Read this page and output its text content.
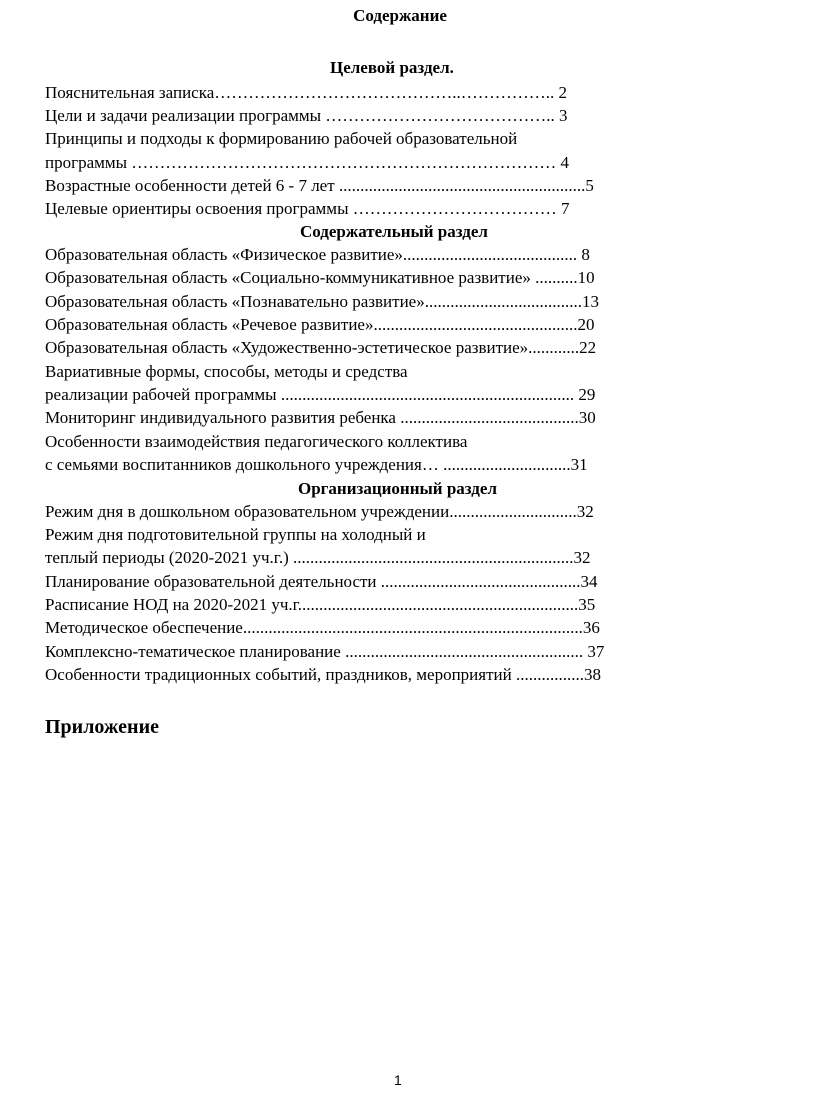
Содержание
Целевой раздел.
Пояснительная записка……………………………………..…………….. 2
Цели и задачи реализации программы ………………………………….. 3
Принципы и подходы к формированию рабочей образовательной
программы ………………………………………………………………… 4
Возрастные особенности детей 6 - 7 лет ..........................................................5
Целевые ориентиры освоения программы ……………………………… 7
Содержательный раздел
Образовательная область «Физическое развитие»......................................... 8
Образовательная область «Социально-коммуникативное развитие» ..........10
Образовательная область «Познавательно развитие».....................................13
Образовательная область «Речевое развитие»................................................20
Образовательная область «Художественно-эстетическое развитие»............22
Вариативные формы, способы, методы и средства
реализации рабочей программы ..................................................................... 29
Мониторинг индивидуального развития ребенка ..........................................30
Особенности взаимодействия педагогического коллектива
с семьями воспитанников дошкольного учреждения… ..............................31
Организационный раздел
Режим дня в дошкольном образовательном учреждении..............................32
Режим дня подготовительной группы на холодный и
теплый периоды (2020-2021 уч.г.) ..................................................................32
Планирование образовательной деятельности ...............................................34
Расписание НОД на 2020-2021 уч.г..................................................................35
Методическое обеспечение................................................................................36
Комплексно-тематическое планирование ........................................................ 37
Особенности традиционных событий, праздников, мероприятий ................38
Приложение
1
